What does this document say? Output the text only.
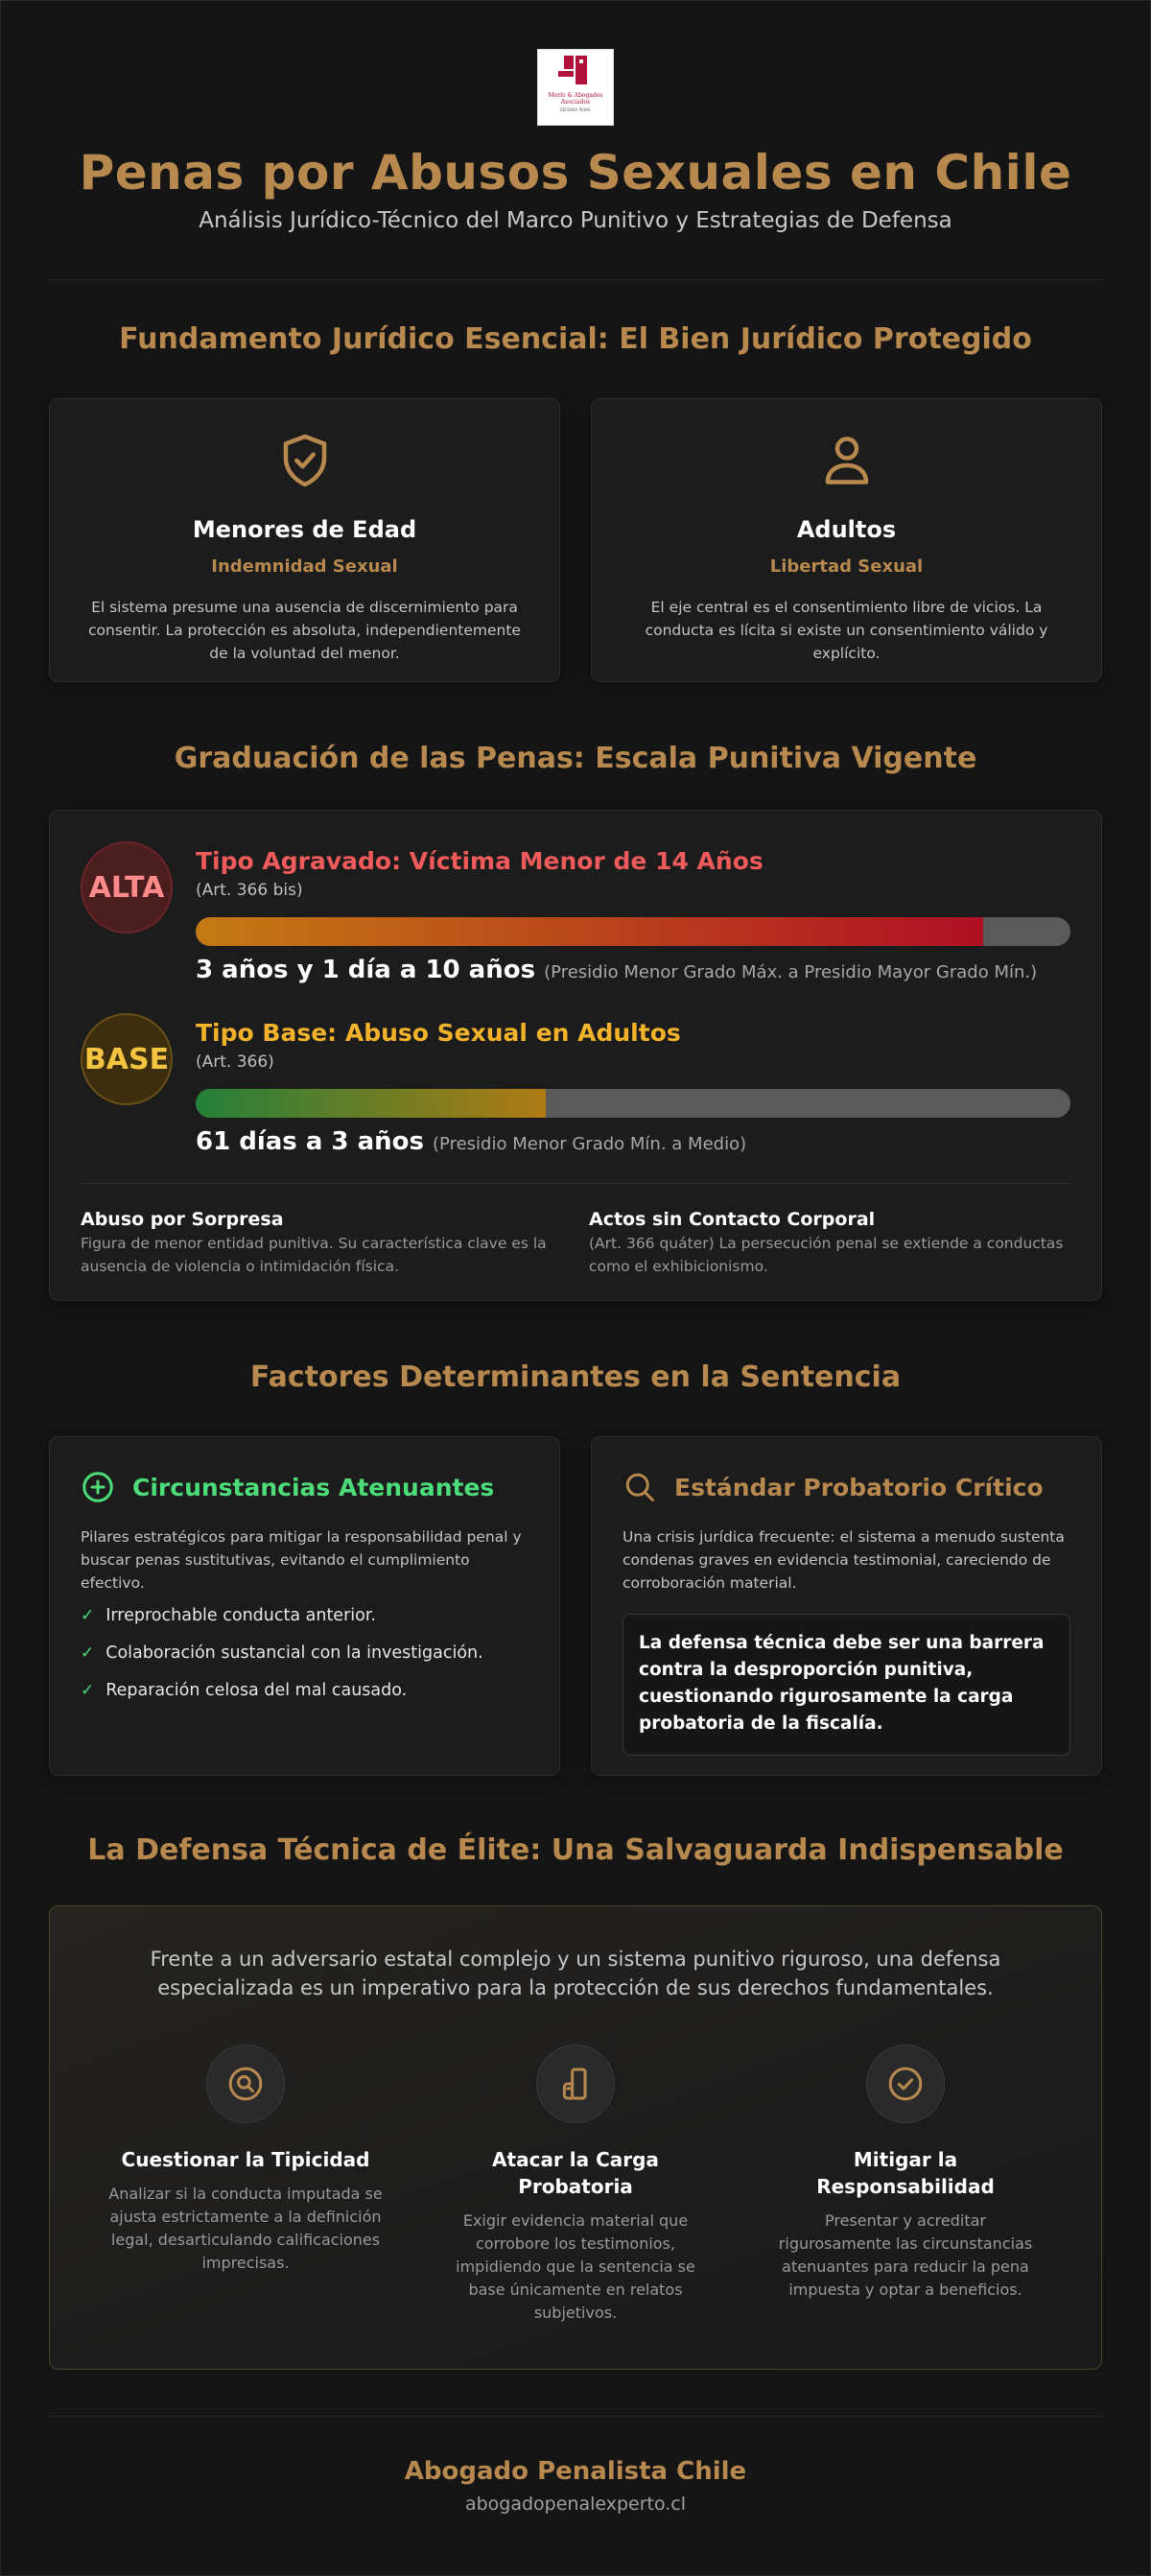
Merlo & Abogados
Asociados
DEFENSA PENAL
Penas por Abusos Sexuales en Chile
Análisis Jurídico-Técnico del Marco Punitivo y Estrategias de Defensa
Fundamento Jurídico Esencial: El Bien Jurídico Protegido
Menores de Edad
Indemnidad Sexual
El sistema presume una ausencia de discernimiento para consentir. La protección es absoluta, independientemente de la voluntad del menor.
Adultos
Libertad Sexual
El eje central es el consentimiento libre de vicios. La conducta es lícita si existe un consentimiento válido y explícito.
Graduación de las Penas: Escala Punitiva Vigente
ALTA
Tipo Agravado: Víctima Menor de 14 Años
(Art. 366 bis)
3 años y 1 día a 10 años (Presidio Menor Grado Máx. a Presidio Mayor Grado Mín.)
BASE
Tipo Base: Abuso Sexual en Adultos
(Art. 366)
61 días a 3 años (Presidio Menor Grado Mín. a Medio)
Abuso por Sorpresa
Figura de menor entidad punitiva. Su característica clave es la ausencia de violencia o intimidación física.
Actos sin Contacto Corporal
(Art. 366 quáter) La persecución penal se extiende a conductas como el exhibicionismo.
Factores Determinantes en la Sentencia
Circunstancias Atenuantes
Pilares estratégicos para mitigar la responsabilidad penal y buscar penas sustitutivas, evitando el cumplimiento efectivo.
✓ Irreprochable conducta anterior.
✓ Colaboración sustancial con la investigación.
✓ Reparación celosa del mal causado.
Estándar Probatorio Crítico
Una crisis jurídica frecuente: el sistema a menudo sustenta condenas graves en evidencia testimonial, careciendo de corroboración material.
La defensa técnica debe ser una barrera contra la desproporción punitiva, cuestionando rigurosamente la carga probatoria de la fiscalía.
La Defensa Técnica de Élite: Una Salvaguarda Indispensable
Frente a un adversario estatal complejo y un sistema punitivo riguroso, una defensa especializada es un imperativo para la protección de sus derechos fundamentales.
Cuestionar la Tipicidad
Analizar si la conducta imputada se ajusta estrictamente a la definición legal, desarticulando calificaciones imprecisas.
Atacar la Carga Probatoria
Exigir evidencia material que corrobore los testimonios, impidiendo que la sentencia se base únicamente en relatos subjetivos.
Mitigar la Responsabilidad
Presentar y acreditar rigurosamente las circunstancias atenuantes para reducir la pena impuesta y optar a beneficios.
Abogado Penalista Chile
abogadopenalexperto.cl
